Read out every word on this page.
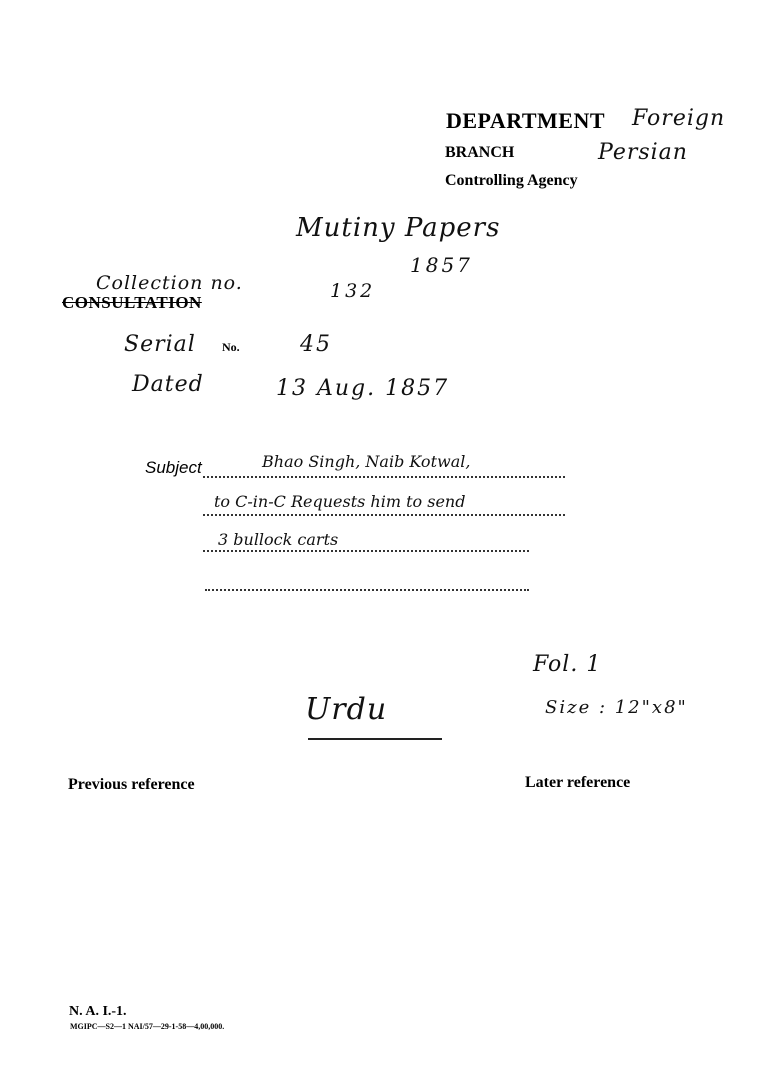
DEPARTMENT Foreign
BRANCH	Persian
Controlling Agency
Mutiny Papers
1857
Collection no.	132
CONSULTATION
Serial No.	45
Dated	13 Aug. 1857
Subject	Bhao Singh, Naib Kotwal,
to C-in-C Requests him to send
3 bullock carts
Fol. 1
Size : 12"x8"
Urdu
Previous reference	Later reference
N. A. I.-1.
MGIPC—S2—1 NAI/57—29-1-58—4,00,000.
